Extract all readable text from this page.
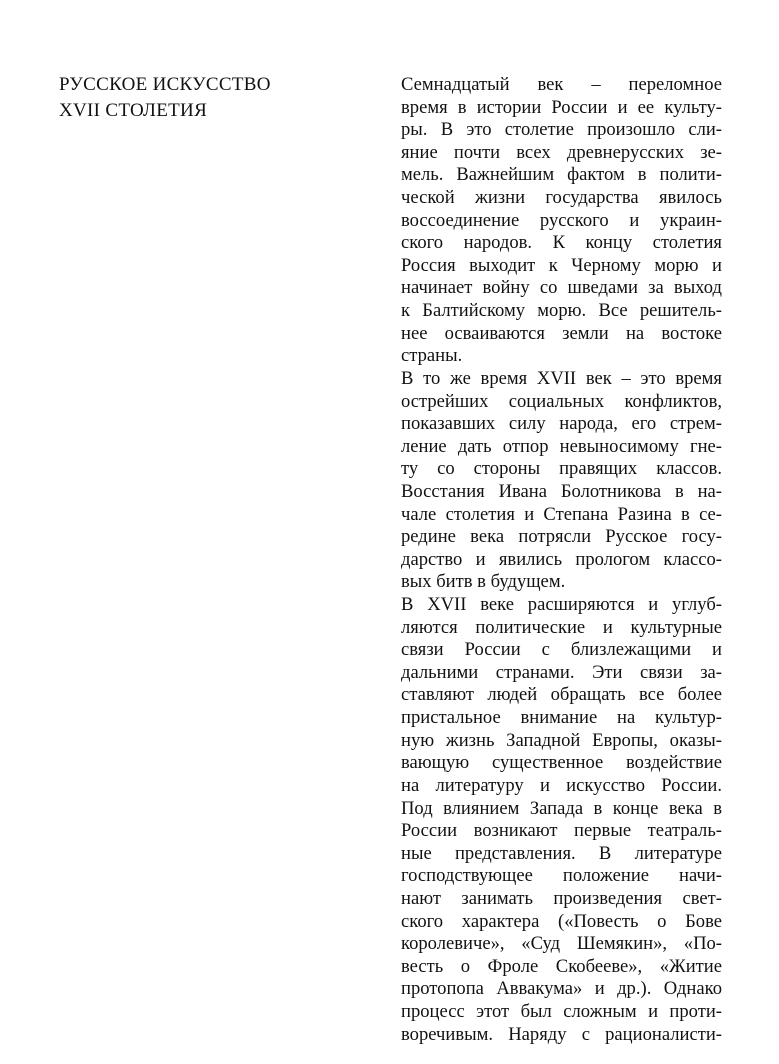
РУССКОЕ ИСКУССТВО
XVII СТОЛЕТИЯ
Семнадцатый век – переломное
время в истории России и ее культу-
ры. В это столетие произошло сли-
яние почти всех древнерусских зе-
мель. Важнейшим фактом в полити-
ческой жизни государства явилось
воссоединение русского и украин-
ского народов. К концу столетия
Россия выходит к Черному морю и
начинает войну со шведами за выход
к Балтийскому морю. Все решитель-
нее осваиваются земли на востоке
страны.
В то же время XVII век – это время
острейших социальных конфликтов,
показавших силу народа, его стрем-
ление дать отпор невыносимому гне-
ту со стороны правящих классов.
Восстания Ивана Болотникова в на-
чале столетия и Степана Разина в се-
редине века потрясли Русское госу-
дарство и явились прологом классо-
вых битв в будущем.
В XVII веке расширяются и углуб-
ляются политические и культурные
связи России с близлежащими и
дальними странами. Эти связи за-
ставляют людей обращать все более
пристальное внимание на культур-
ную жизнь Западной Европы, оказы-
вающую существенное воздействие
на литературу и искусство России.
Под влиянием Запада в конце века в
России возникают первые театраль-
ные представления. В литературе
господствующее положение начи-
нают занимать произведения свет-
ского характера («Повесть о Бове
королевиче», «Суд Шемякин», «По-
весть о Фроле Скобееве», «Житие
протопопа Аввакума» и др.). Однако
процесс этот был сложным и проти-
воречивым. Наряду с рационалисти-
